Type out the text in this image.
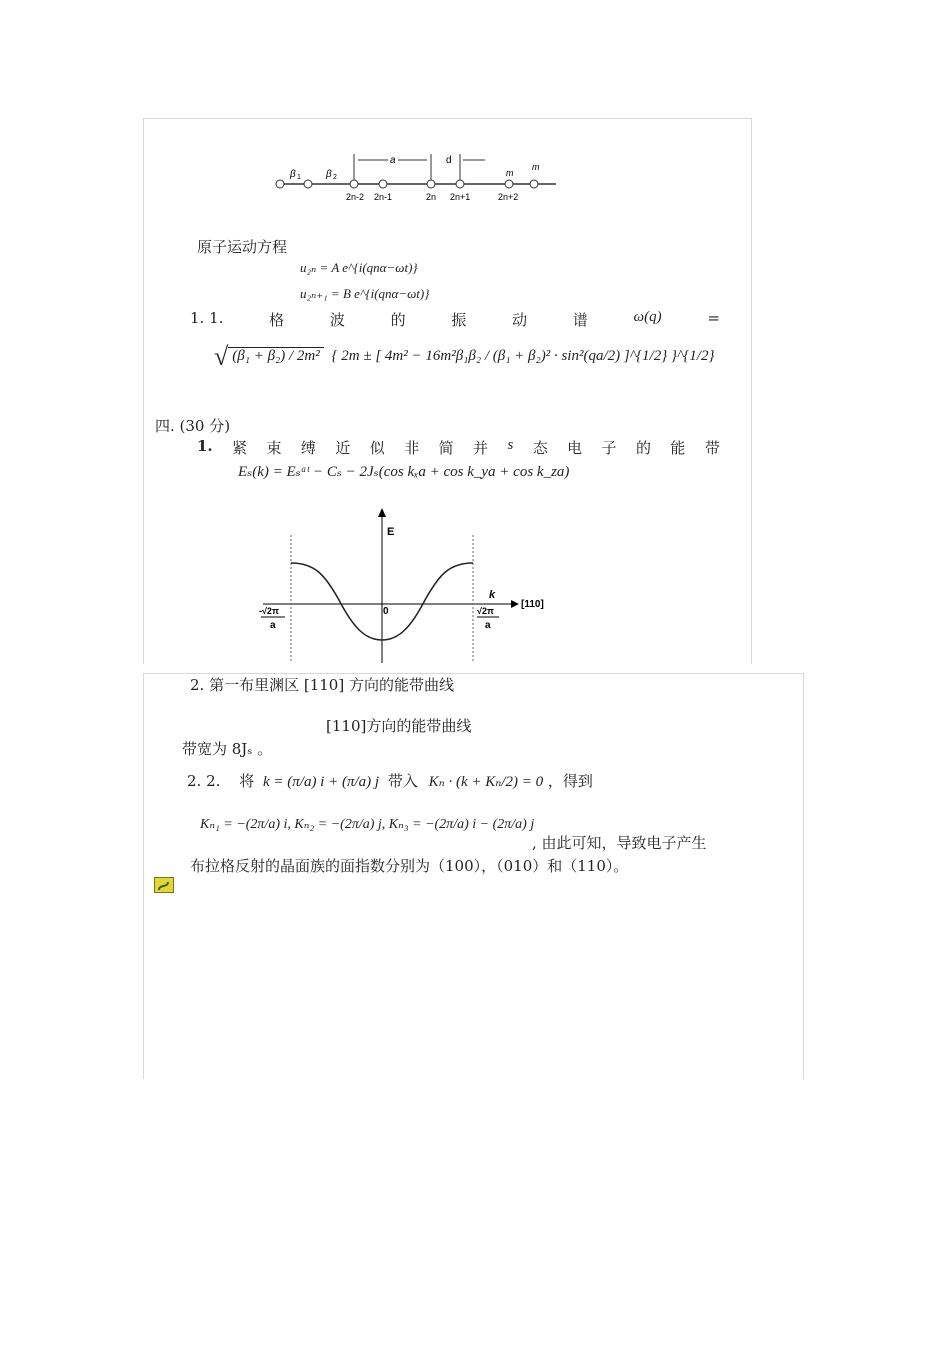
β 1	β 2
a	d
m
m
2n-2 2n-1	2n 2n+1	2n+2
原子运动方程
u₂ₙ = A e^{i(qnα−ωt)}
u₂ₙ₊₁ = B e^{i(qnα−ωt)}
1. 1.	格	波	的	振	动	谱	ω(q)	=
√ (β₁ + β₂) / 2m² { 2m ± [ 4m² − 16m²β₁β₂ / (β₁ + β₂)² · sin²(qa/2) ]^{1/2} }^{1/2}
四. (30 分)
1. 紧 束 缚 近 似 非 简 并 s 态 电 子 的 能 带
Eₛ(k) = Eₛᵃᵗ − Cₛ − 2Jₛ(cos kₓa + cos k_ya + cos k_za)
E
k
[110]
0
-√2π
a
√2π
a
2. 第一布里渊区 [110] 方向的能带曲线
[110]方向的能带曲线
带宽为 8Jₛ 。
2. 2. 将 k = (π/a) i + (π/a) j 带入 Kₙ · (k + Kₙ/2) = 0 ，得到
Kₙ₁ = −(2π/a) i, Kₙ₂ = −(2π/a) j, Kₙ₃ = −(2π/a) i − (2π/a) j
, 由此可知，导致电子产生
布拉格反射的晶面族的面指数分别为（100），（010）和（110）。
